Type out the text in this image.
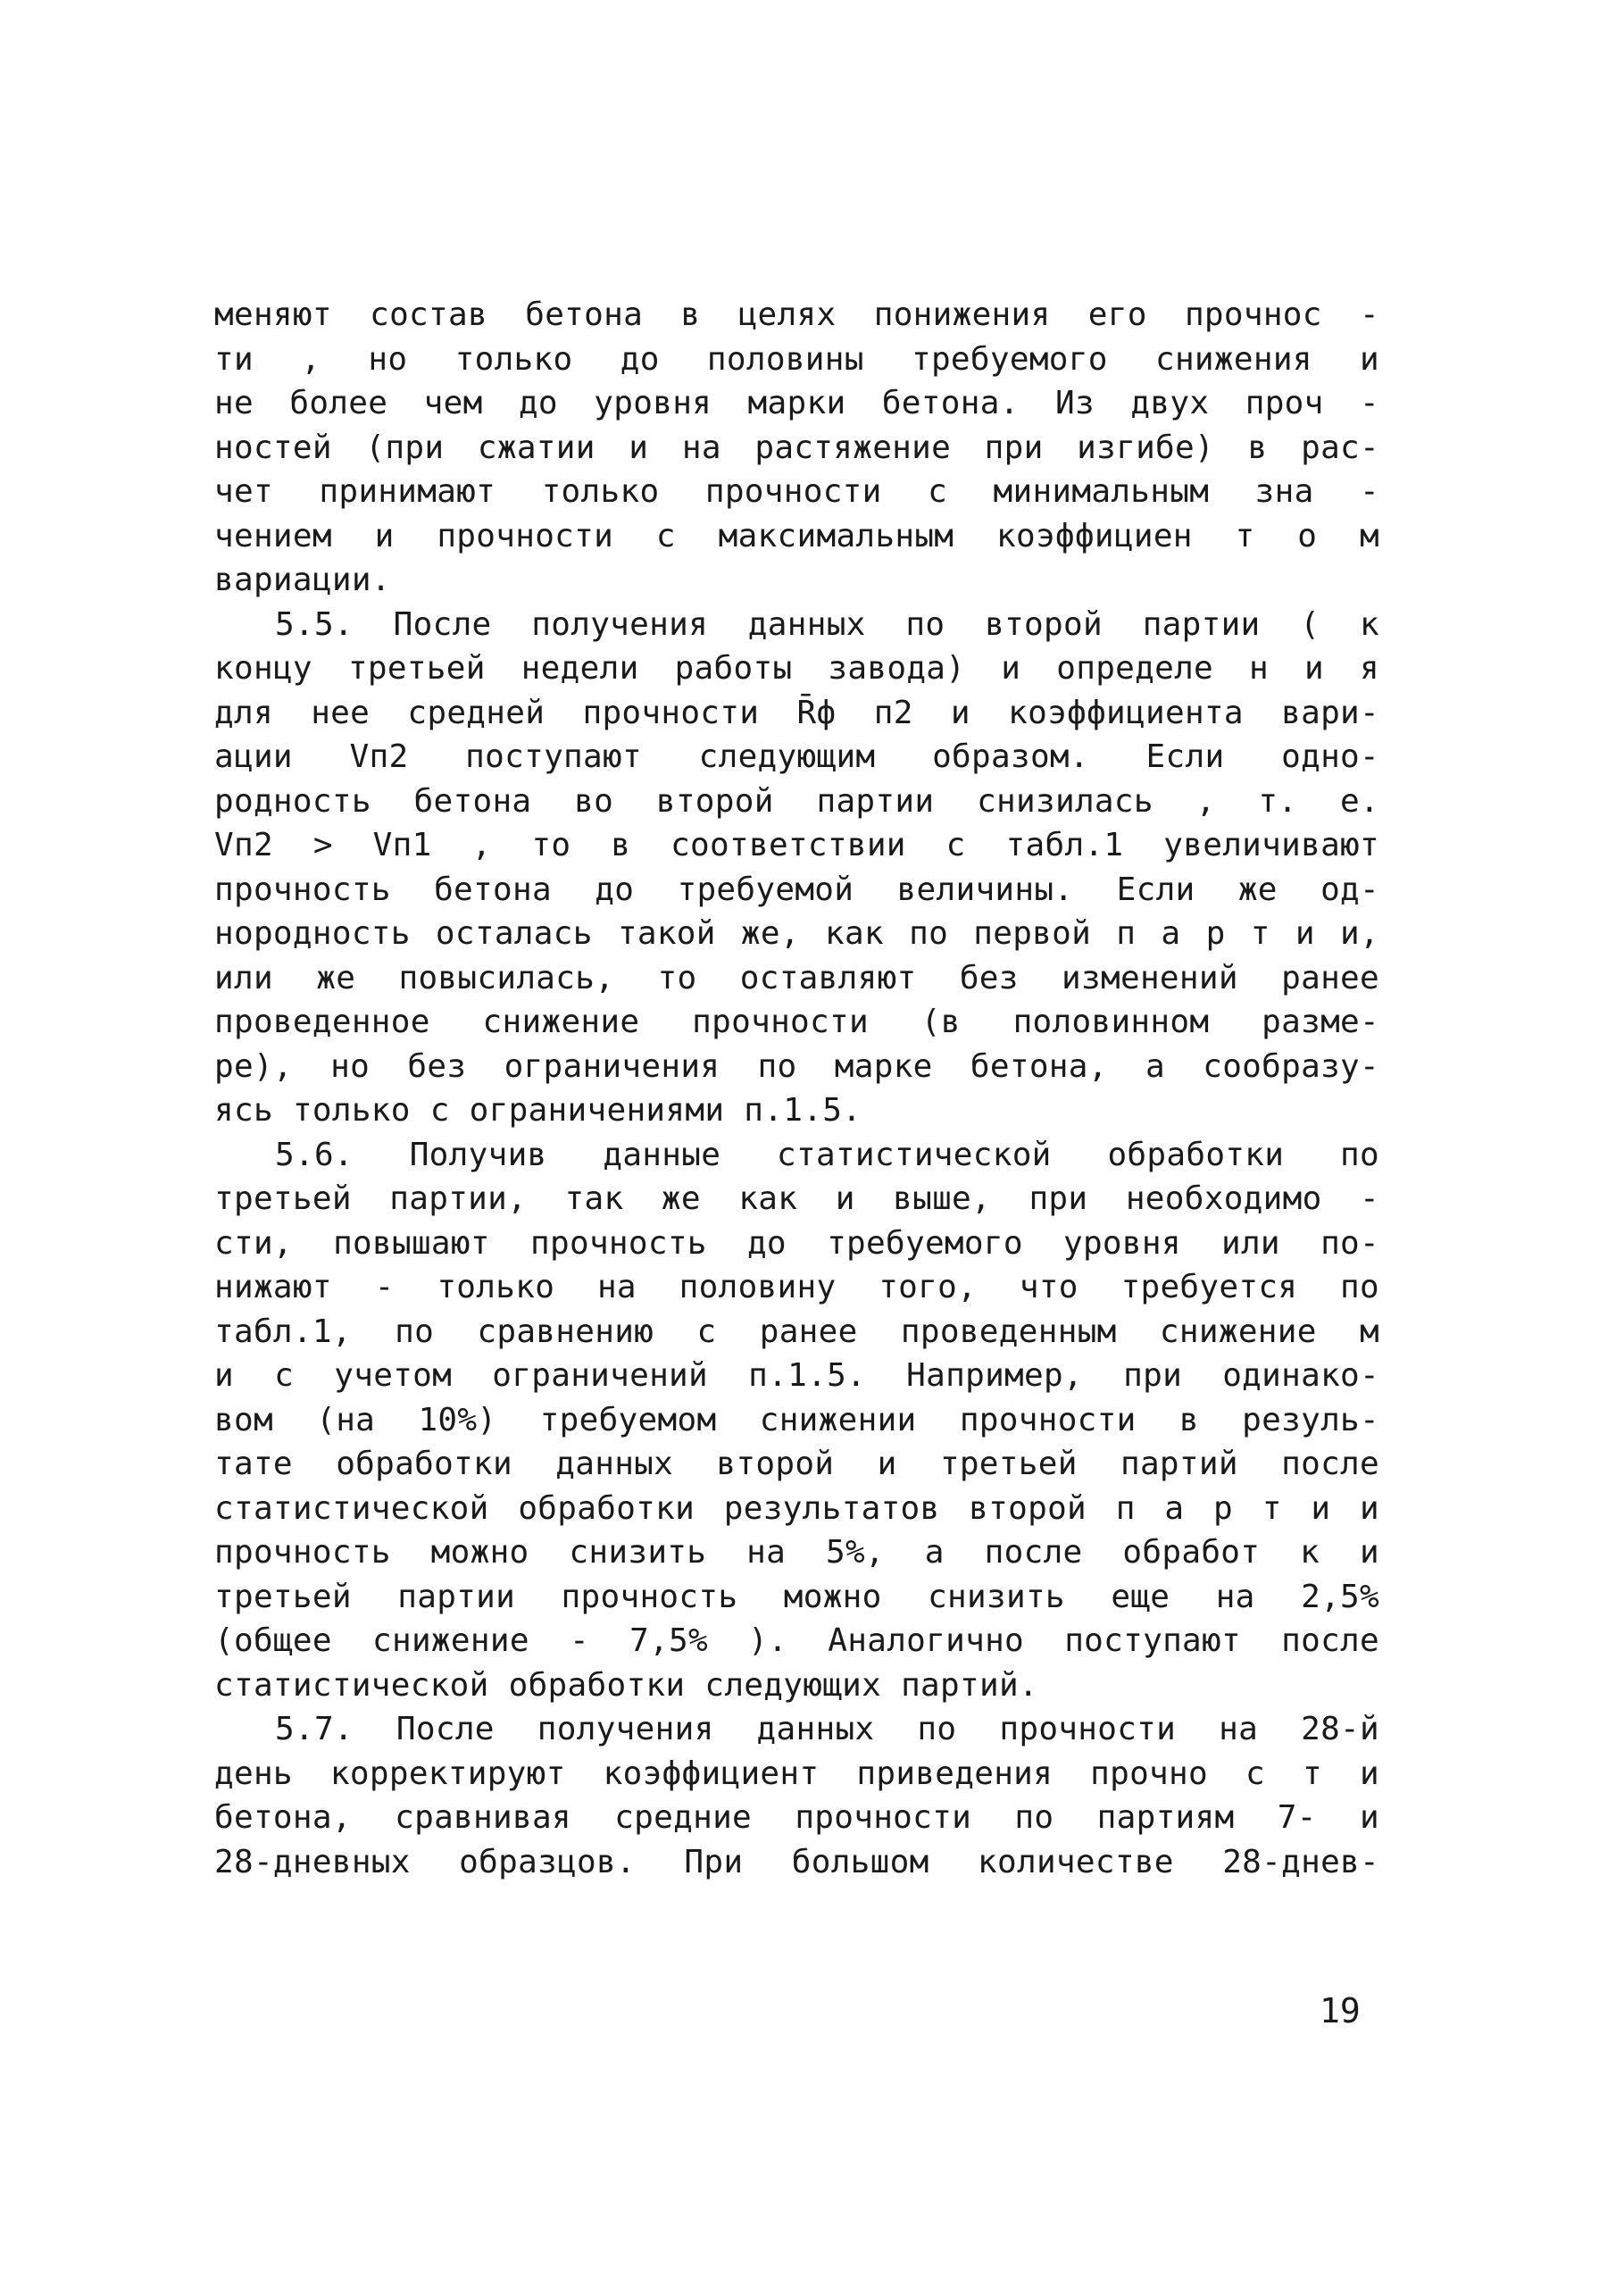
меняют состав бетона в целях понижения его прочнос -
ти , но только до половины требуемого снижения и
не более чем до уровня марки бетона. Из двух проч -
ностей (при сжатии и на растяжение при изгибе) в рас-
чет принимают только прочности с минимальным зна -
чением и прочности с максимальным коэффициен т о м
вариации.
5.5. После получения данных по второй партии ( к
концу третьей недели работы завода) и определе н и я
для нее средней прочности R̄ф п2 и коэффициента вари-
ации Vп2 поступают следующим образом. Если одно-
родность бетона во второй партии снизилась , т. е.
Vп2 > Vп1 , то в соответствии с табл.1 увеличивают
прочность бетона до требуемой величины. Если же од-
нородность осталась такой же, как по первой п а р т и и,
или же повысилась, то оставляют без изменений ранее
проведенное снижение прочности (в половинном разме-
ре), но без ограничения по марке бетона, а сообразу-
ясь только с ограничениями п.1.5.
5.6. Получив данные статистической обработки по
третьей партии, так же как и выше, при необходимо -
сти, повышают прочность до требуемого уровня или по-
нижают - только на половину того, что требуется по
табл.1, по сравнению с ранее проведенным снижение м
и с учетом ограничений п.1.5. Например, при одинако-
вом (на 10%) требуемом снижении прочности в резуль-
тате обработки данных второй и третьей партий после
статистической обработки результатов второй п а р т и и
прочность можно снизить на 5%, а после обработ к и
третьей партии прочность можно снизить еще на 2,5%
(общее снижение - 7,5% ). Аналогично поступают после
статистической обработки следующих партий.
5.7. После получения данных по прочности на 28-й
день корректируют коэффициент приведения прочно с т и
бетона, сравнивая средние прочности по партиям 7- и
28-дневных образцов. При большом количестве 28-днев-
19
